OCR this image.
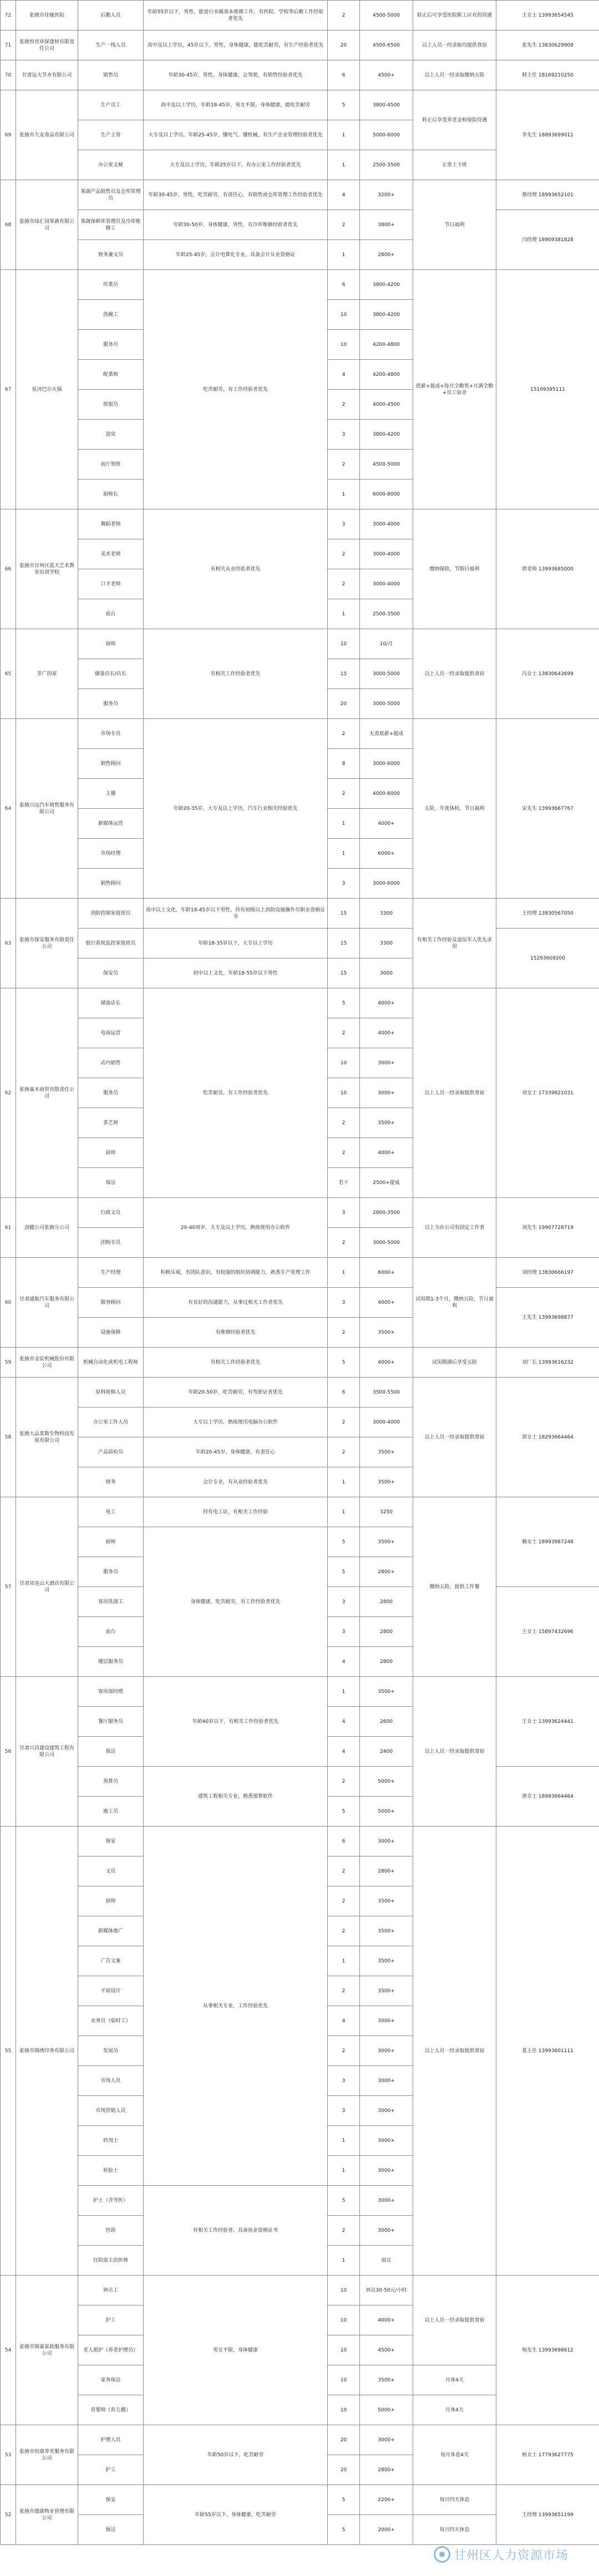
72	张掖市佳缘医院	后勤人员	年龄55岁以下，男性，能进行水暖基本维修工作，有医院、学校等后勤工作经验者优先	2	4500-5000	转正后可享受医院职工应有的待遇	王女士 13993654545
71	张掖恒亮环保建材有限责任公司	生产一线人员	高中及以上学历，45岁以下，男性，身体健康，能吃苦耐劳，有生产经验者优先	20	4500-6500	以上人员一经录取均提供食宿	张先生 13830629909
70	甘肃远大节水有限公司	销售员	年龄30-45岁，男性，身体健康，会驾驶，有销售经验者优先	6	4500+	以上人员一经录取缴纳五险	韩主任 18169210250
69	张掖市九安食品有限公司	生产员工	高中及以上学历，年龄18-45岁，男女不限，身体健康，能吃苦耐劳	5	3800-4500	转正后享受养老金和保险待遇	李先生 18893699011
		生产主管	大专及以上学历，年龄25-45岁，懂电气、懂机械，有生产企业管理经验者优先	1	5000-6000		
		办公室文秘	大专及以上学历，年龄25岁以下，有办公室工作经验者优先	1	2500-3500	正常上下班	
68	张掖市绿汇园果蔬有限公司	果蔬产品销售员及仓库管理员	年龄30-45岁，男性，吃苦耐劳，有责任心，有销售或仓库管理工作经验者优先	4	3200+	节日福利	蔡经理 18993652101
		果蔬保鲜库管理员及冷库维修工	年龄30-50岁，身体健康，男性，有冷库维修经验者优先	2	3800+		闫经理 18909381828
		财务兼文员	年龄25-45岁，会计电算化专业，具备会计从业资格证	1	2800+		
67	星河巴尔火锅	传菜员	吃苦耐劳，有工作经验者优先	6	3800-4200	底薪+提成+每月全勤奖+月满全勤+员工宿舍	15109395111
		洗碗工		10	3800-4200		
		服务员		10	4200-4800		
		配菜师		4	4200-4800		
		收银员		2	4000-4500		
		迎宾		3	3800-4200		
		前厅领班		2	4500-5000		
		厨师长		1	6000-8000		
66	张掖市甘州区蓝天艺术教育培训学校	舞蹈老师	有相关从业经验者优先	3	3000-4000	缴纳保险，节假日福利	郭老师 13993685000
		美术老师		2	3000-4000		
		口才老师		2	3000-4000		
		前台		1	2500-3500		
65	非广的家	厨师	有相关工作经验者优先	10	10/月	以上人员一经录取提供食宿	冯女士 13830643699
		储备店长/店长		15	3000-5000		
		服务员		20	3000-5000		
64	张掖兴远汽车销售服务有限公司	市场专员	年龄20-35岁，大专及以上学历，汽车行业相关经验优先	2	无责底薪+提成	五险，年度体检，节日福利	宋先生 13993667767
		销售顾问		8	3000-6000		
		主播		2	4000-6000		
		新媒体运营		1	4000+		
		市场经理		1	6000+		
		销售顾问		3	3000-6000		
63	张掖市保安服务有限责任公司	消防控制室值班员	高中以上文化，年龄18-45岁以下男性，持有初级以上消防设施操作员职业资格证书	15	3300	有相关工作经验及退伍军人优先录用	王经理 13830567050
		银行系统监控室值班员	年龄18-35岁以下，大专以上学历	15	3300		15293609200
		保安员	初中以上文化，年龄18-55岁以下男性	15	3000		
62	张掖嘉木商贸有限责任公司	储备店长	吃苦耐劳，有工作经验者优先	5	4000+	以上人员一经录取提供食宿	刘女士 17339821031
		电商运营		2	4000+		
		店内销售		10	3000+		
		服务员		10	3000+		
		茶艺师		2	3500+		
		厨师		2	4000+		
		保洁		若干	2500+提成		
61	劲健公司张掖分公司	行政文员	20-40周岁，大专及以上学历，熟练使用办公软件	3	2800-3500	以上为在公司有固定工作者	刘先生 19907728719
		团购专员		2	3000-5000		
60	甘肃通航汽车服务有限公司	生产经理	积极乐观，有团队意识，有较强的组织协调能力，熟悉生产管理工作	1	6000+	试用期1-3个月，缴纳五险，节日福利	刘经理 13830666197
		服务顾问	有良好的沟通能力，从事过相关工作者优先	3	4000+		王先生 13993698877
		设施保障	有维修经验者优先	2	3500+		
59	张掖市金宸机械股份有限公司	机械自动化或机电工程师	有相关工作经验者优先	5	4000+	试用期满后享受五险	刘厂长 13993616232
58	张掖大品莫斯生物科技发展有限公司	原料收购人员	年龄20-50岁，吃苦耐劳，有驾驶证者优先	6	3500-5500	以上人员一经录取提供食宿	郭女士 18293664464
		办公室工作人员	大专以上学历，熟练使用电脑办公软件	2	3000-4000		
		产品质检员	年龄20-45岁，身体健康，有责任心	2	3500+		
		财务	会计专业，有从业经验者优先	1	3500+		
57	甘肃祁连山大酒店有限公司	电工	持有电工证，有相关工作经验	1	3250	缴纳五险，提供工作餐	赖女士 18993987248
		厨师	身体健康，吃苦耐劳，有工作经验者优先	5	3500+		
		服务员		5	2800+		
		客房洗涤工		3	2800		王女士 15897432696
		前台		3	2800		
		楼层服务员		4	2800		
56	甘肃兴昌建设建筑工程有限公司	客房部经理	年龄40岁以下，有相关工作经验者优先	1	3500+	以上人员一经录取提供食宿	王女士 13993624441
		餐厅服务员		4	2600		
		保洁		4	2400		
		预算员	建筑工程相关专业，熟悉预算软件	2	5000+		唐女士 18993664464
		施工员		5	5000+		
55	张掖市锦绣印务有限公司	保安	从事相关专业，工作经验优先	6	3000+	以上人员一经录取提供食宿	夏主任 13993601111
		文员		2	2800+		
		厨师		2	3500+		
		新媒体推广		2	3500+		
		广告文案		1	3500+		
		平面设计		2	3500+		
		业务员（临时工）		4	3000+		
		发展员		2	3000+		
		市场人员		3	3000+		
		市场营销人员		3	3000+		
		药剂士		1	3000+		
		检验士		1	3000+		
		护士（含导医）	有相关工作经验者，具备执业资格证书	5	3000+		
		医助		2	3000+		
		住院部主治医师		1	面议		
54	张掖市锦嘉家政服务有限公司	钟点工	男女不限，身体健康	10	再议30-50元/小时	以上人员一经录取提供食宿	杨先生 13993698612
		护工		10	4000+		
		老人照护（养老护理员）		10	4500+		
		家务保洁		10	3500+	月休4天	
		育婴师（育儿嫂）		10	5000+	月休4天	
53	张掖市恒康养老服务有限公司	护理人员	年龄50岁以下，吃苦耐劳	20	3000+	每月休息4天	杨女士 17793627775
		护工		20	2800+		
52	张掖市德康物业管理有限公司	保安	年龄55岁以下，身体健康，吃苦耐劳	5	2200+	每月四天休息	王经理 13993651199
		保洁		5	2000+	每月四天休息	
甘州区人力资源市场
